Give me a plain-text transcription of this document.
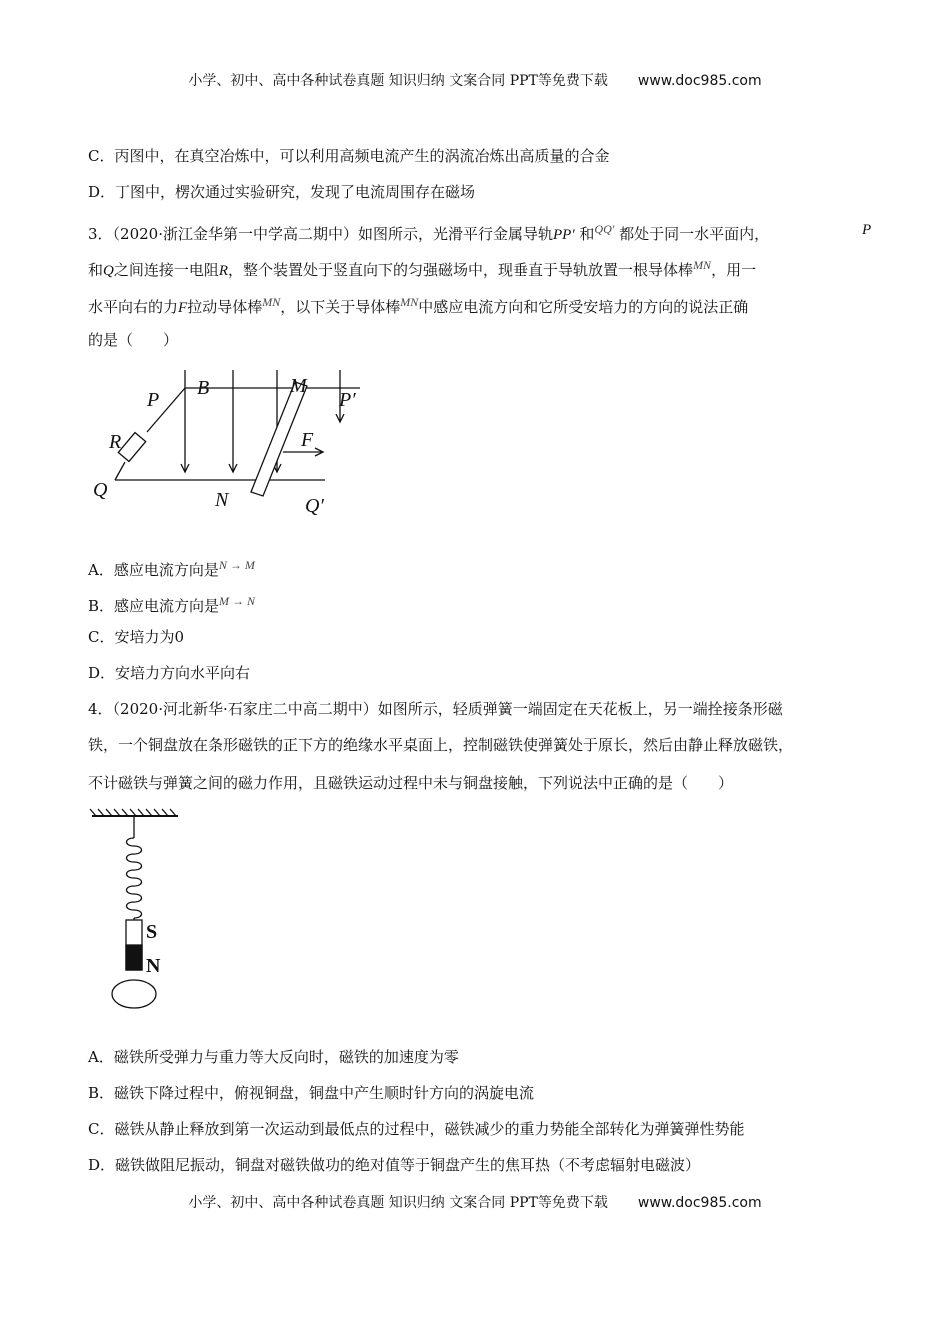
小学、初中、高中各种试卷真题 知识归纳 文案合同 PPT等免费下载 www.doc985.com
C．丙图中，在真空冶炼中，可以利用高频电流产生的涡流冶炼出高质量的合金
D．丁图中，楞次通过实验研究，发现了电流周围存在磁场
3．（2020·浙江金华第一中学高二期中）如图所示，光滑平行金属导轨PP′ 和$^{QQ'}$ 都处于同一水平面内，	P
和Q之间连接一电阻R，整个装置处于竖直向下的匀强磁场中，现垂直于导轨放置一根导体棒$^{MN}$，用一
水平向右的力F拉动导体棒$^{MN}$，以下关于导体棒$^{MN}$中感应电流方向和它所受安培力的方向的说法正确
的是（　　）
P
B	M
P′
R	F
Q	N	Q′
A．感应电流方向是$^{N \to M}$
B．感应电流方向是$^{M \to N}$
C．安培力为0
D．安培力方向水平向右
4．（2020·河北新华·石家庄二中高二期中）如图所示，轻质弹簧一端固定在天花板上，另一端拴接条形磁
铁，一个铜盘放在条形磁铁的正下方的绝缘水平桌面上，控制磁铁使弹簧处于原长，然后由静止释放磁铁，
不计磁铁与弹簧之间的磁力作用，且磁铁运动过程中未与铜盘接触，下列说法中正确的是（　　）
S
N
A．磁铁所受弹力与重力等大反向时，磁铁的加速度为零
B．磁铁下降过程中，俯视铜盘，铜盘中产生顺时针方向的涡旋电流
C．磁铁从静止释放到第一次运动到最低点的过程中，磁铁减少的重力势能全部转化为弹簧弹性势能
D．磁铁做阻尼振动，铜盘对磁铁做功的绝对值等于铜盘产生的焦耳热（不考虑辐射电磁波）
小学、初中、高中各种试卷真题 知识归纳 文案合同 PPT等免费下载 www.doc985.com
